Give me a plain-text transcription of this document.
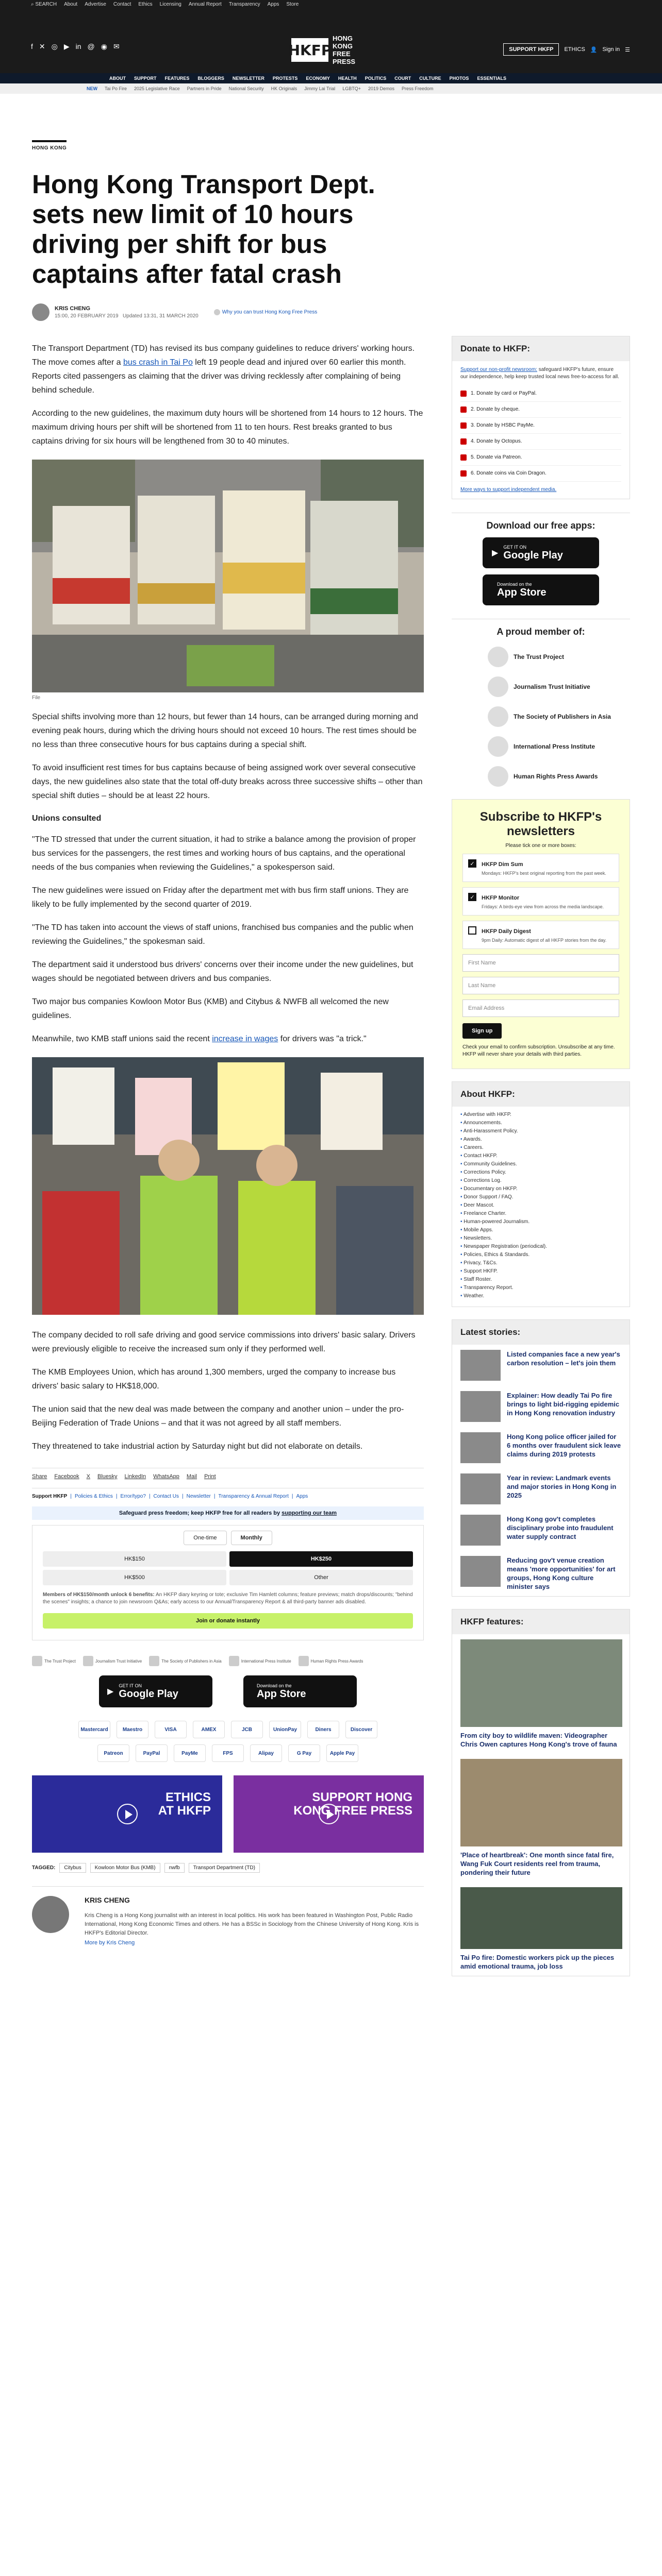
⌕ SEARCH About Advertise Contact Ethics Licensing Annual Report Transparency Apps Store
f ✕ ◎ ▶ in @ ◉ ✉	HKFP
HONG KONG
FREE PRESS
SUPPORT HKFP	ETHICS 👤 Sign in ☰
ABOUT SUPPORT FEATURES BLOGGERS NEWSLETTER PROTESTS ECONOMY HEALTH POLITICS COURT CULTURE PHOTOS ESSENTIALS
NEW Tai Po Fire 2025 Legislative Race Partners in Pride National Security HK Originals Jimmy Lai Trial LGBTQ+ 2019 Demos Press Freedom
HONG KONG
Hong Kong Transport Dept. sets new limit of 10 hours driving per shift for bus captains after fatal crash
KRIS CHENG
15:00, 20 FEBRUARY 2019 Updated 13:31, 31 MARCH 2020
Why you can trust Hong Kong Free Press

The Transport Department (TD) has revised its bus company guidelines to reduce drivers' working hours. The move comes after a bus crash in Tai Po left 19 people dead and injured over 60 earlier this month. Reports cited passengers as claiming that the driver was driving recklessly after complaining of being behind schedule.

According to the new guidelines, the maximum duty hours will be shortened from 14 hours to 12 hours. The maximum driving hours per shift will be shortened from 11 to ten hours. Rest breaks granted to bus captains driving for six hours will be lengthened from 30 to 40 minutes.

File

Special shifts involving more than 12 hours, but fewer than 14 hours, can be arranged during morning and evening peak hours, during which the driving hours should not exceed 10 hours. The rest times should be no less than three consecutive hours for bus captains during a special shift.

To avoid insufficient rest times for bus captains because of being assigned work over several consecutive days, the new guidelines also state that the total off-duty breaks across three successive shifts – other than special shift duties – should be at least 22 hours.

Unions consulted

"The TD stressed that under the current situation, it had to strike a balance among the provision of proper bus services for the passengers, the rest times and working hours of bus captains, and the operational needs of the bus companies when reviewing the Guidelines," a spokesperson said.

The new guidelines were issued on Friday after the department met with bus firm staff unions. They are likely to be fully implemented by the second quarter of 2019.

"The TD has taken into account the views of staff unions, franchised bus companies and the public when reviewing the Guidelines," the spokesman said.

The department said it understood bus drivers' concerns over their income under the new guidelines, but wages should be negotiated between drivers and bus companies.

Two major bus companies Kowloon Motor Bus (KMB) and Citybus & NWFB all welcomed the new guidelines.

Meanwhile, two KMB staff unions said the recent increase in wages for drivers was "a trick."

The company decided to roll safe driving and good service commissions into drivers' basic salary. Drivers were previously eligible to receive the increased sum only if they performed well.

The KMB Employees Union, which has around 1,300 members, urged the company to increase bus drivers' basic salary to HK$18,000.

The union said that the new deal was made between the company and another union – under the pro-Beijing Federation of Trade Unions – and that it was not agreed by all staff members.

They threatened to take industrial action by Saturday night but did not elaborate on details.

Share Facebook X Bluesky LinkedIn WhatsApp Mail Print
Support HKFP | Policies & Ethics | Error/typo? | Contact Us | Newsletter | Transparency & Annual Report | Apps
Safeguard press freedom; keep HKFP free for all readers by supporting our team
One-time	Monthly
HK$150	HK$250
HK$500	Other
Members of HK$150/month unlock 6 benefits: An HKFP diary keyring or tote; exclusive Tim Hamlett columns; feature previews; match drops/discounts; "behind the scenes" insights; a chance to join newsroom Q&As; early access to our Annual/Transparency Report & all third-party banner ads disabled.
Join or donate instantly
The Trust Project	Journalism Trust Initiative	The Society of Publishers in Asia	International Press Institute	Human Rights Press Awards
▶
GET IT ON
Google Play
Download on the
App Store
Mastercard	Maestro	VISA	AMEX	JCB	UnionPay	Diners	Discover
Patreon	PayPal	PayMe	FPS	Alipay	G Pay	Apple Pay
ETHICS
AT HKFP
SUPPORT HONG
KONG FREE PRESS
TAGGED:	Citybus	Kowloon Motor Bus (KMB)	nwfb	Transport Department (TD)
KRIS CHENG

Kris Cheng is a Hong Kong journalist with an interest in local politics. His work has been featured in Washington Post, Public Radio International, Hong Kong Economic Times and others. He has a BSSc in Sociology from the Chinese University of Hong Kong. Kris is HKFP's Editorial Director.

More by Kris Cheng
Donate to HKFP:
Support our non-profit newsroom: safeguard HKFP's future, ensure our independence, help keep trusted local news free-to-access for all.
1. Donate by card or PayPal.
2. Donate by cheque.
3. Donate by HSBC PayMe.
4. Donate by Octopus.
5. Donate via Patreon.
6. Donate coins via Coin Dragon.
More ways to support independent media.
Download our free apps:
▶
GET IT ON
Google Play
Download on the
App Store
A proud member of:
The Trust Project
Journalism Trust Initiative
The Society of Publishers in Asia
International Press Institute
Human Rights Press Awards
Subscribe to HKFP's newsletters

Please tick one or more boxes:

✓	HKFP Dim Sum
Mondays: HKFP's best original reporting from the past week.
✓	HKFP Monitor
Fridays: A birds-eye view from across the media landscape.
HKFP Daily Digest
9pm Daily: Automatic digest of all HKFP stories from the day.
First Name
Last Name
Email Address
Sign up
Check your email to confirm subscription. Unsubscribe at any time. HKFP will never share your details with third parties.
About HKFP:
• Advertise with HKFP.
• Announcements.
• Anti-Harassment Policy.
• Awards.
• Careers.
• Contact HKFP.
• Community Guidelines.
• Corrections Policy.
• Corrections Log.
• Documentary on HKFP.
• Donor Support / FAQ.
• Deer Mascot.
• Freelance Charter.
• Human-powered Journalism.
• Mobile Apps.
• Newsletters.
• Newspaper Registration (periodical).
• Policies, Ethics & Standards.
• Privacy, T&Cs.
• Support HKFP.
• Staff Roster.
• Transparency Report.
• Weather.
Latest stories:
Listed companies face a new year's carbon resolution – let's join them
Explainer: How deadly Tai Po fire brings to light bid-rigging epidemic in Hong Kong renovation industry
Hong Kong police officer jailed for 6 months over fraudulent sick leave claims during 2019 protests
Year in review: Landmark events and major stories in Hong Kong in 2025
Hong Kong gov't completes disciplinary probe into fraudulent water supply contract
Reducing gov't venue creation means 'more opportunities' for art groups, Hong Kong culture minister says
HKFP features:
From city boy to wildlife maven: Videographer Chris Owen captures Hong Kong's trove of fauna
'Place of heartbreak': One month since fatal fire, Wang Fuk Court residents reel from trauma, pondering their future
Tai Po fire: Domestic workers pick up the pieces amid emotional trauma, job loss
